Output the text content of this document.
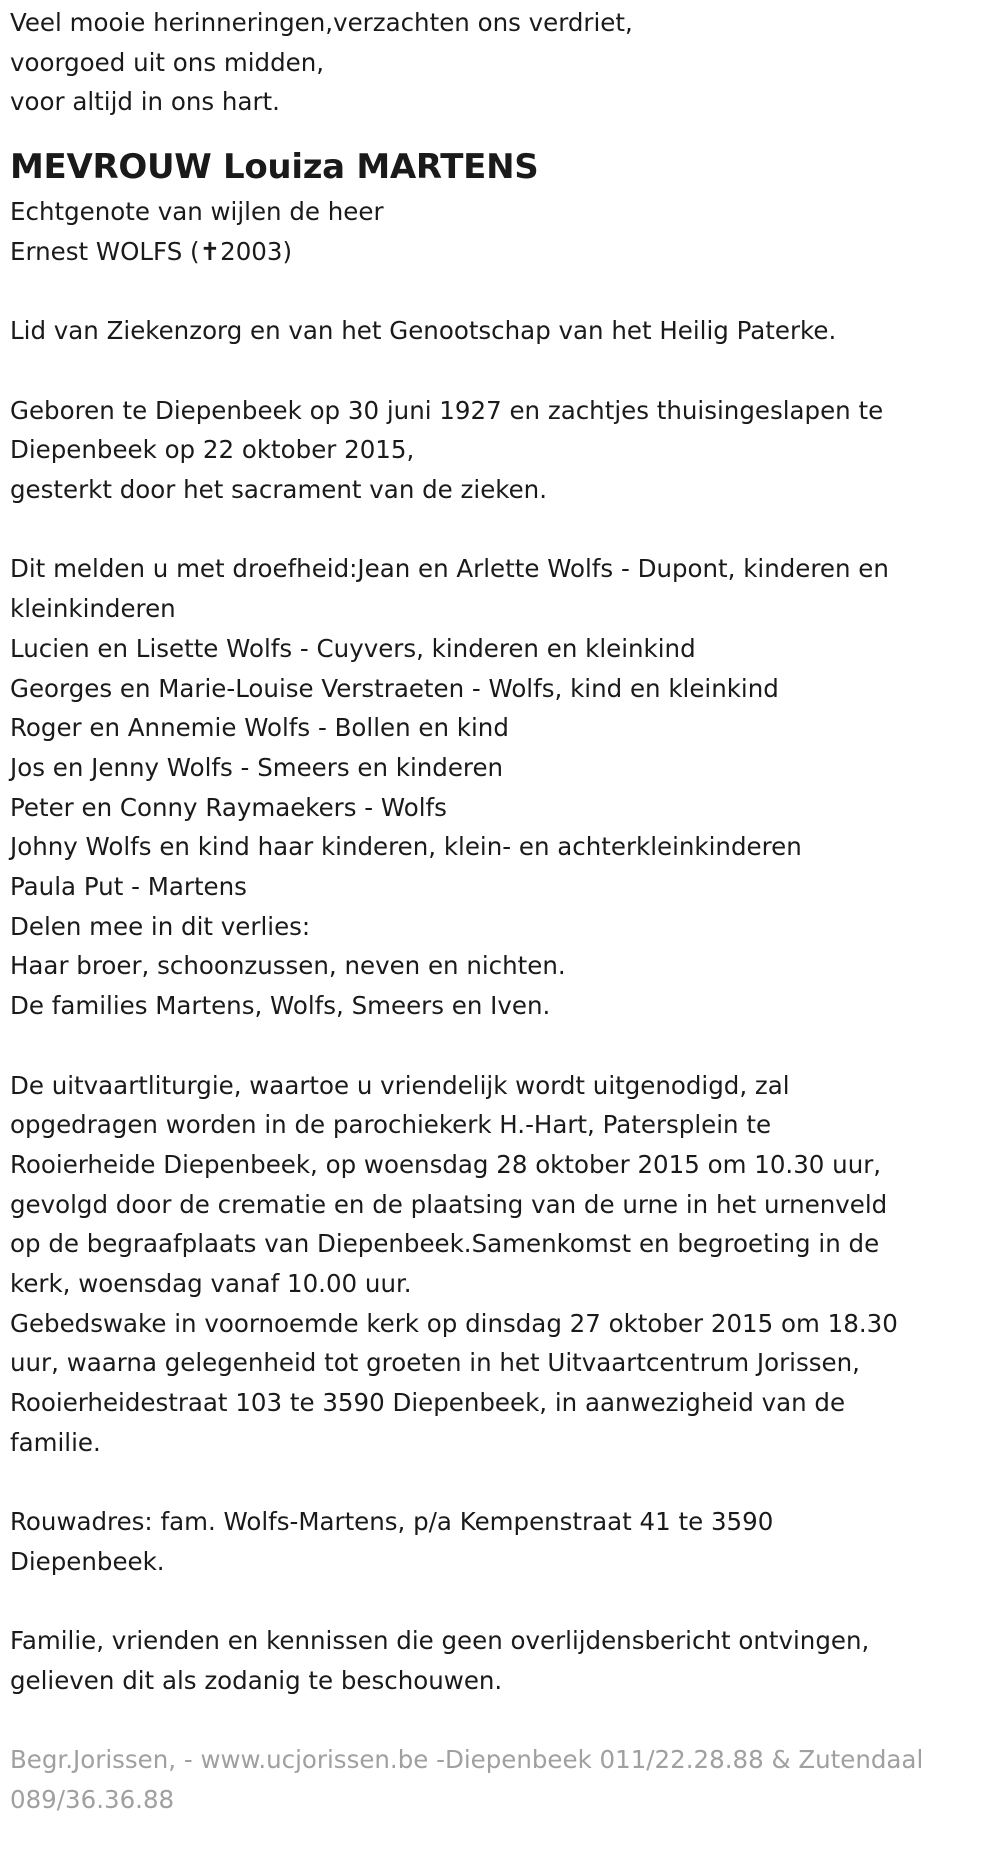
Veel mooie herinneringen,verzachten ons verdriet,
voorgoed uit ons midden,
voor altijd in ons hart.
MEVROUW Louiza MARTENS
Echtgenote van wijlen de heer
Ernest WOLFS (✝2003)
Lid van Ziekenzorg en van het Genootschap van het Heilig Paterke.
Geboren te Diepenbeek op 30 juni 1927 en zachtjes thuisingeslapen te
Diepenbeek op 22 oktober 2015,
gesterkt door het sacrament van de zieken.
Dit melden u met droefheid:Jean en Arlette Wolfs - Dupont, kinderen en
kleinkinderen
Lucien en Lisette Wolfs - Cuyvers, kinderen en kleinkind
Georges en Marie-Louise Verstraeten - Wolfs, kind en kleinkind
Roger en Annemie Wolfs - Bollen en kind
Jos en Jenny Wolfs - Smeers en kinderen
Peter en Conny Raymaekers - Wolfs
Johny Wolfs en kind haar kinderen, klein- en achterkleinkinderen
Paula Put - Martens
Delen mee in dit verlies:
Haar broer, schoonzussen, neven en nichten.
De families Martens, Wolfs, Smeers en Iven.
De uitvaartliturgie, waartoe u vriendelijk wordt uitgenodigd, zal
opgedragen worden in de parochiekerk H.-Hart, Patersplein te
Rooierheide Diepenbeek, op woensdag 28 oktober 2015 om 10.30 uur,
gevolgd door de crematie en de plaatsing van de urne in het urnenveld
op de begraafplaats van Diepenbeek.Samenkomst en begroeting in de
kerk, woensdag vanaf 10.00 uur.
Gebedswake in voornoemde kerk op dinsdag 27 oktober 2015 om 18.30
uur, waarna gelegenheid tot groeten in het Uitvaartcentrum Jorissen,
Rooierheidestraat 103 te 3590 Diepenbeek, in aanwezigheid van de
familie.
Rouwadres: fam. Wolfs-Martens, p/a Kempenstraat 41 te 3590
Diepenbeek.
Familie, vrienden en kennissen die geen overlijdensbericht ontvingen,
gelieven dit als zodanig te beschouwen.
Begr.Jorissen, - www.ucjorissen.be -Diepenbeek 011/22.28.88 & Zutendaal
089/36.36.88
